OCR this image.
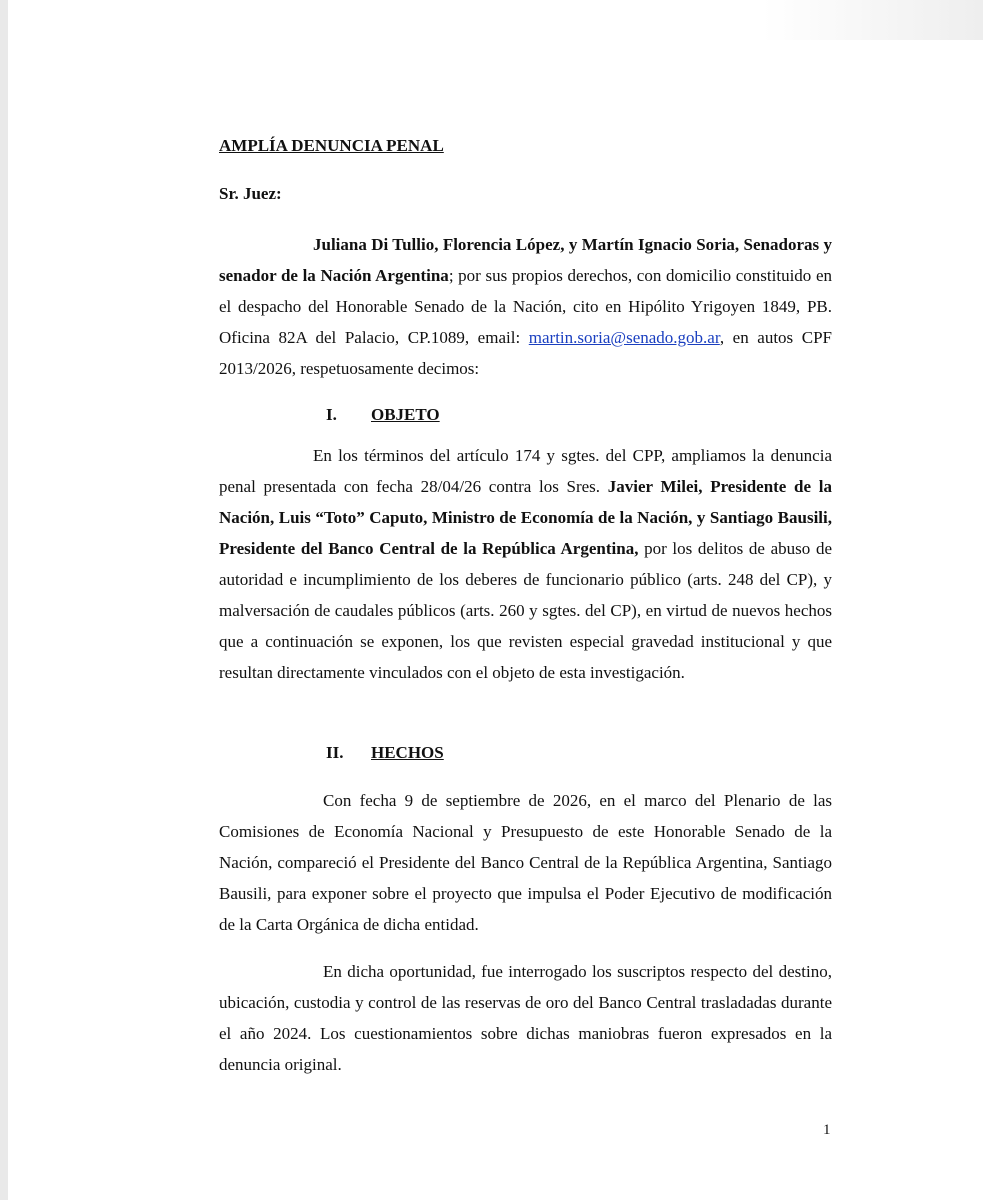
AMPLÍA DENUNCIA PENAL
Sr. Juez:
Juliana Di Tullio, Florencia López, y Martín Ignacio Soria, Senadoras y senador de la Nación Argentina; por sus propios derechos, con domicilio constituido en el despacho del Honorable Senado de la Nación, cito en Hipólito Yrigoyen 1849, PB. Oficina 82A del Palacio, CP.1089, email: martin.soria@senado.gob.ar, en autos CPF 2013/2026, respetuosamente decimos:
I. OBJETO
En los términos del artículo 174 y sgtes. del CPP, ampliamos la denuncia penal presentada con fecha 28/04/26 contra los Sres. Javier Milei, Presidente de la Nación, Luis “Toto” Caputo, Ministro de Economía de la Nación, y Santiago Bausili, Presidente del Banco Central de la República Argentina, por los delitos de abuso de autoridad e incumplimiento de los deberes de funcionario público (arts. 248 del CP), y malversación de caudales públicos (arts. 260 y sgtes. del CP), en virtud de nuevos hechos que a continuación se exponen, los que revisten especial gravedad institucional y que resultan directamente vinculados con el objeto de esta investigación.
II. HECHOS
Con fecha 9 de septiembre de 2026, en el marco del Plenario de las Comisiones de Economía Nacional y Presupuesto de este Honorable Senado de la Nación, compareció el Presidente del Banco Central de la República Argentina, Santiago Bausili, para exponer sobre el proyecto que impulsa el Poder Ejecutivo de modificación de la Carta Orgánica de dicha entidad.
En dicha oportunidad, fue interrogado los suscriptos respecto del destino, ubicación, custodia y control de las reservas de oro del Banco Central trasladadas durante el año 2024. Los cuestionamientos sobre dichas maniobras fueron expresados en la denuncia original.
1
